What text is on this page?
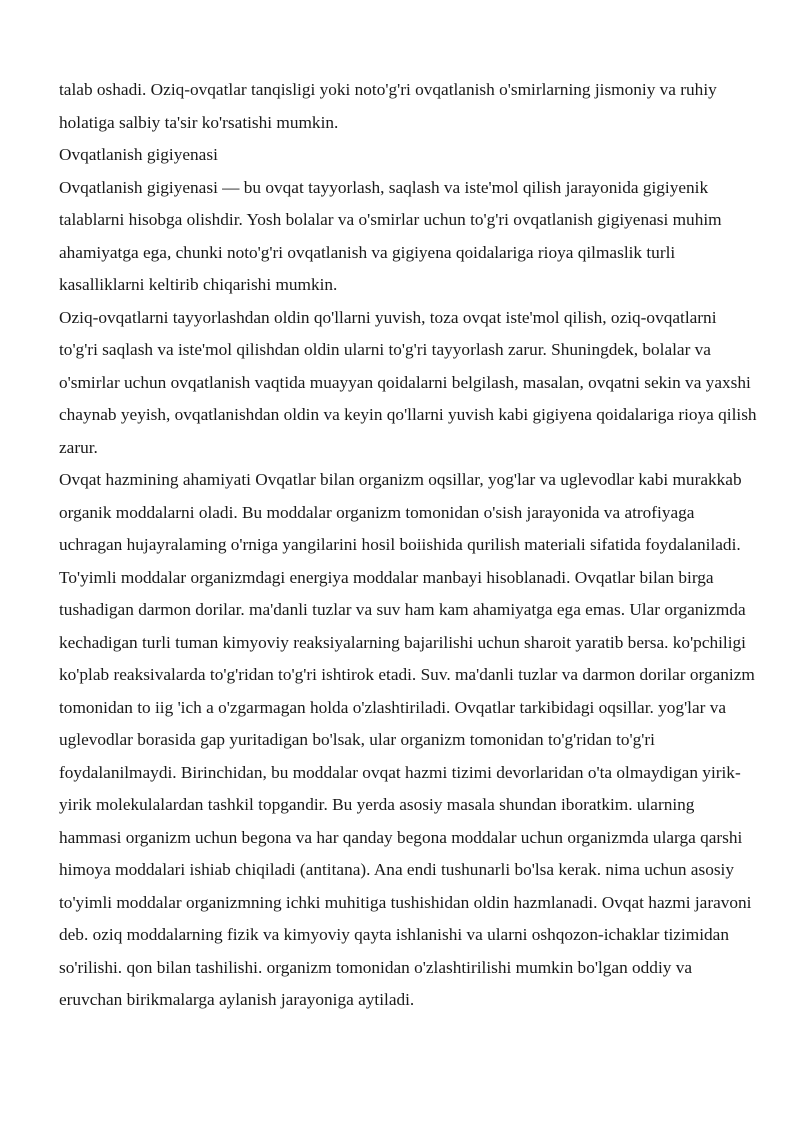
talab oshadi. Oziq-ovqatlar tanqisligi yoki noto'g'ri ovqatlanish o'smirlarning jismoniy va ruhiy holatiga salbiy ta'sir ko'rsatishi mumkin.

Ovqatlanish gigiyenasi

Ovqatlanish gigiyenasi — bu ovqat tayyorlash, saqlash va iste'mol qilish jarayonida gigiyenik talablarni hisobga olishdir. Yosh bolalar va o'smirlar uchun to'g'ri ovqatlanish gigiyenasi muhim ahamiyatga ega, chunki noto'g'ri ovqatlanish va gigiyena qoidalariga rioya qilmaslik turli kasalliklarni keltirib chiqarishi mumkin.

Oziq-ovqatlarni tayyorlashdan oldin qo'llarni yuvish, toza ovqat iste'mol qilish, oziq-ovqatlarni to'g'ri saqlash va iste'mol qilishdan oldin ularni to'g'ri tayyorlash zarur. Shuningdek, bolalar va o'smirlar uchun ovqatlanish vaqtida muayyan qoidalarni belgilash, masalan, ovqatni sekin va yaxshi chaynab yeyish, ovqatlanishdan oldin va keyin qo'llarni yuvish kabi gigiyena qoidalariga rioya qilish zarur.

Ovqat hazmining ahamiyati Ovqatlar bilan organizm oqsillar, yog'lar va uglevodlar kabi murakkab organik moddalarni oladi. Bu moddalar organizm tomonidan o'sish jarayonida va atrofiyaga uchragan hujayralaming o'rniga yangilarini hosil boiishida qurilish materiali sifatida foydalaniladi. To'yimli moddalar organizmdagi energiya moddalar manbayi hisoblanadi. Ovqatlar bilan birga tushadigan darmon dorilar. ma'danli tuzlar va suv ham kam ahamiyatga ega emas. Ular organizmda kechadigan turli tuman kimyoviy reaksiyalarning bajarilishi uchun sharoit yaratib bersa. ko'pchiligi ko'plab reaksivalarda to'g'ridan to'g'ri ishtirok etadi. Suv. ma'danli tuzlar va darmon dorilar organizm tomonidan to iig 'ich a o'zgarmagan holda o'zlashtiriladi. Ovqatlar tarkibidagi oqsillar. yog'lar va uglevodlar borasida gap yuritadigan bo'lsak, ular organizm tomonidan to'g'ridan to'g'ri foydalanilmaydi. Birinchidan, bu moddalar ovqat hazmi tizimi devorlaridan o'ta olmaydigan yirik-yirik molekulalardan tashkil topgandir. Bu yerda asosiy masala shundan iboratkim. ularning hammasi organizm uchun begona va har qanday begona moddalar uchun organizmda ularga qarshi himoya moddalari ishiab chiqiladi (antitana). Ana endi tushunarli bo'lsa kerak. nima uchun asosiy to'yimli moddalar organizmning ichki muhitiga tushishidan oldin hazmlanadi. Ovqat hazmi jaravoni deb. oziq moddalarning fizik va kimyoviy qayta ishlanishi va ularni oshqozon-ichaklar tizimidan so'rilishi. qon bilan tashilishi. organizm tomonidan o'zlashtirilishi mumkin bo'lgan oddiy va eruvchan birikmalarga aylanish jarayoniga aytiladi.
